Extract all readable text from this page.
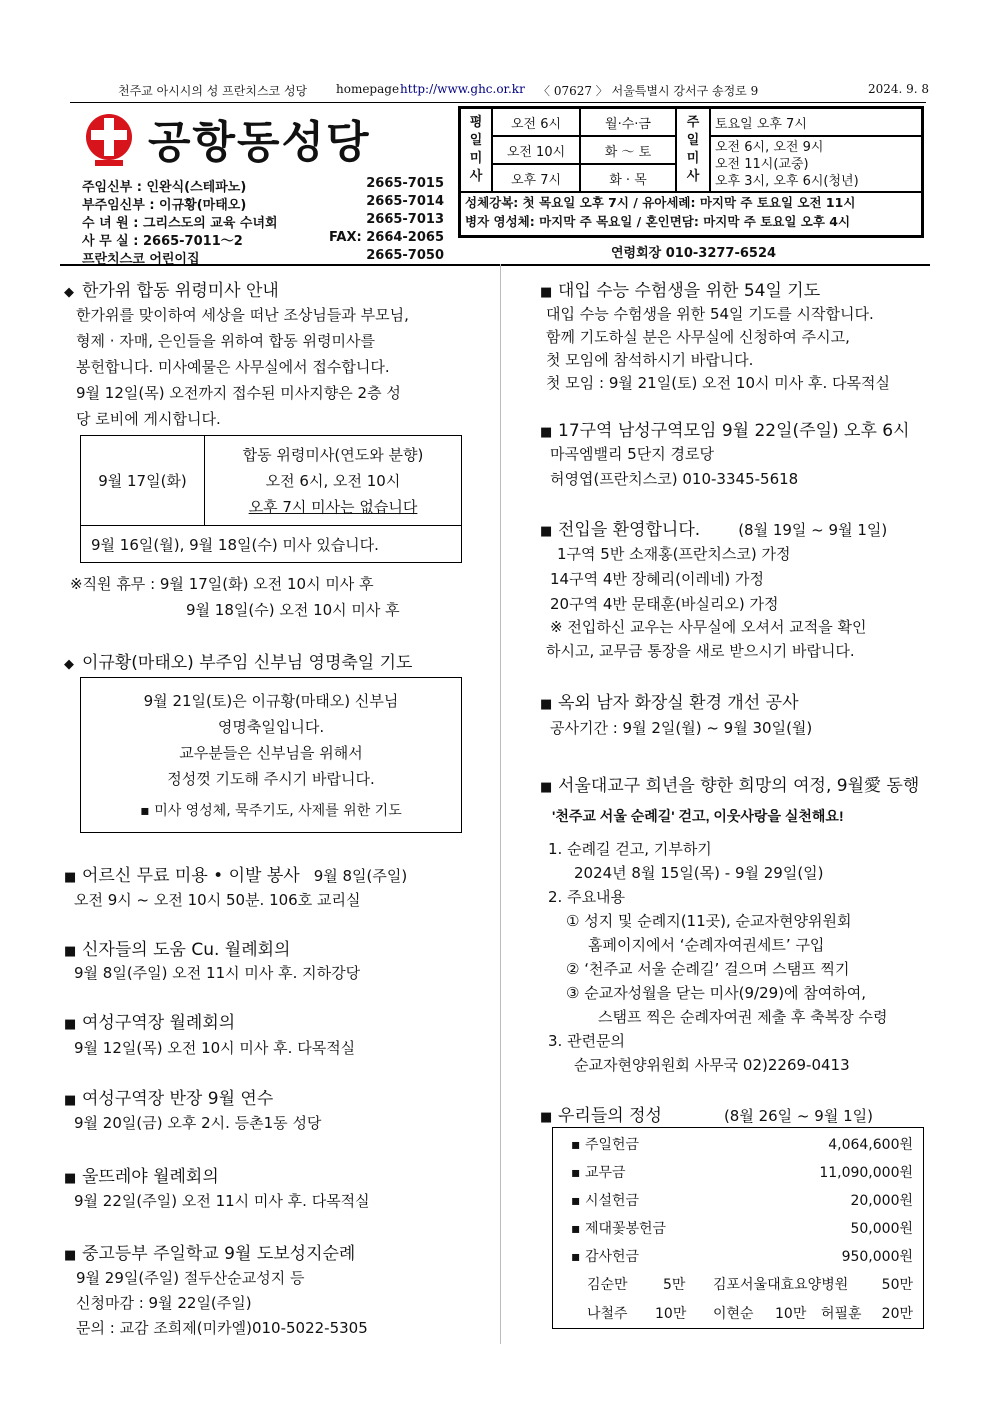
천주교 아시시의 성 프란치스코 성당 homepage http://www.ghc.or.kr 〈 07627 〉 서울특별시 강서구 송정로 9	2024. 9. 8
공항동성당
주임신부 : 인완식(스테파노)	2665-7015
부주임신부 : 이규황(마태오)	2665-7014
수 녀 원 : 그리스도의 교육 수녀회	2665-7013
사 무 실 : 2665-7011～2	FAX: 2664-2065
프란치스코 어린이집	2665-7050
평일미사
오전 6시	월·수·금
오전 10시	화 ～ 토
오후 7시	화 · 목
주일미사
토요일 오후 7시
오전 6시, 오전 9시
오전 11시(교중)
오후 3시, 오후 6시(청년)
성체강복: 첫 목요일 오후 7시 / 유아세례: 마지막 주 토요일 오전 11시
병자 영성체: 마지막 주 목요일 / 혼인면담: 마지막 주 토요일 오후 4시
연령회장 010-3277-6524
◆ 한가위 합동 위령미사 안내
한가위를 맞이하여 세상을 떠난 조상님들과 부모님,
형제 · 자매, 은인들을 위하여 합동 위령미사를
봉헌합니다. 미사예물은 사무실에서 접수합니다.
9월 12일(목) 오전까지 접수된 미사지향은 2층 성
당 로비에 게시합니다.
9월 17일(화)
합동 위령미사(연도와 분향)
오전 6시, 오전 10시
오후 7시 미사는 없습니다
9월 16일(월), 9월 18일(수) 미사 있습니다.
※직원 휴무 : 9월 17일(화) 오전 10시 미사 후
9월 18일(수) 오전 10시 미사 후
◆ 이규황(마태오) 부주임 신부님 영명축일 기도
9월 21일(토)은 이규황(마태오) 신부님
영명축일입니다.
교우분들은 신부님을 위해서
정성껏 기도해 주시기 바랍니다.
▪ 미사 영성체, 묵주기도, 사제를 위한 기도
■ 어르신 무료 미용 • 이발 봉사 9월 8일(주일)
오전 9시 ~ 오전 10시 50분. 106호 교리실
■ 신자들의 도움 Cu. 월례회의
9월 8일(주일) 오전 11시 미사 후. 지하강당
■ 여성구역장 월례회의
9월 12일(목) 오전 10시 미사 후. 다목적실
■ 여성구역장 반장 9월 연수
9월 20일(금) 오후 2시. 등촌1동 성당
■ 울뜨레야 월례회의
9월 22일(주일) 오전 11시 미사 후. 다목적실
■ 중고등부 주일학교 9월 도보성지순례
9월 29일(주일) 절두산순교성지 등
신청마감 : 9월 22일(주일)
문의 : 교감 조희제(미카엘)010-5022-5305
■ 대입 수능 수험생을 위한 54일 기도
대입 수능 수험생을 위한 54일 기도를 시작합니다.
함께 기도하실 분은 사무실에 신청하여 주시고,
첫 모임에 참석하시기 바랍니다.
첫 모임 : 9월 21일(토) 오전 10시 미사 후. 다목적실
■ 17구역 남성구역모임 9월 22일(주일) 오후 6시
마곡엠밸리 5단지 경로당
허영엽(프란치스코) 010-3345-5618
■ 전입을 환영합니다.	(8월 19일 ~ 9월 1일)
1구역 5반 소재홍(프란치스코) 가정
14구역 4반 장혜리(이레네) 가정
20구역 4반 문태훈(바실리오) 가정
※ 전입하신 교우는 사무실에 오셔서 교적을 확인
하시고, 교무금 통장을 새로 받으시기 바랍니다.
■ 옥외 남자 화장실 환경 개선 공사
공사기간 : 9월 2일(월) ~ 9월 30일(월)
■ 서울대교구 희년을 향한 희망의 여정, 9월愛 동행
'천주교 서울 순례길' 걷고, 이웃사랑을 실천해요!
1. 순례길 걷고, 기부하기
2024년 8월 15일(목) - 9월 29일(일)
2. 주요내용
① 성지 및 순례지(11곳), 순교자현양위원회
홈페이지에서 ‘순례자여권세트’ 구입
② ‘천주교 서울 순례길’ 걸으며 스탬프 찍기
③ 순교자성월을 닫는 미사(9/29)에 참여하여,
스탬프 찍은 순례자여권 제출 후 축복장 수령
3. 관련문의
순교자현양위원회 사무국 02)2269-0413
■ 우리들의 정성	(8월 26일 ~ 9월 1일)
▪ 주일헌금	4,064,600원
▪ 교무금	11,090,000원
▪ 시설헌금	20,000원
▪ 제대꽃봉헌금	50,000원
▪ 감사헌금	950,000원
김순만	5만 김포서울대효요양병원 50만
나철주 10만 이현순 10만 허필훈 20만
